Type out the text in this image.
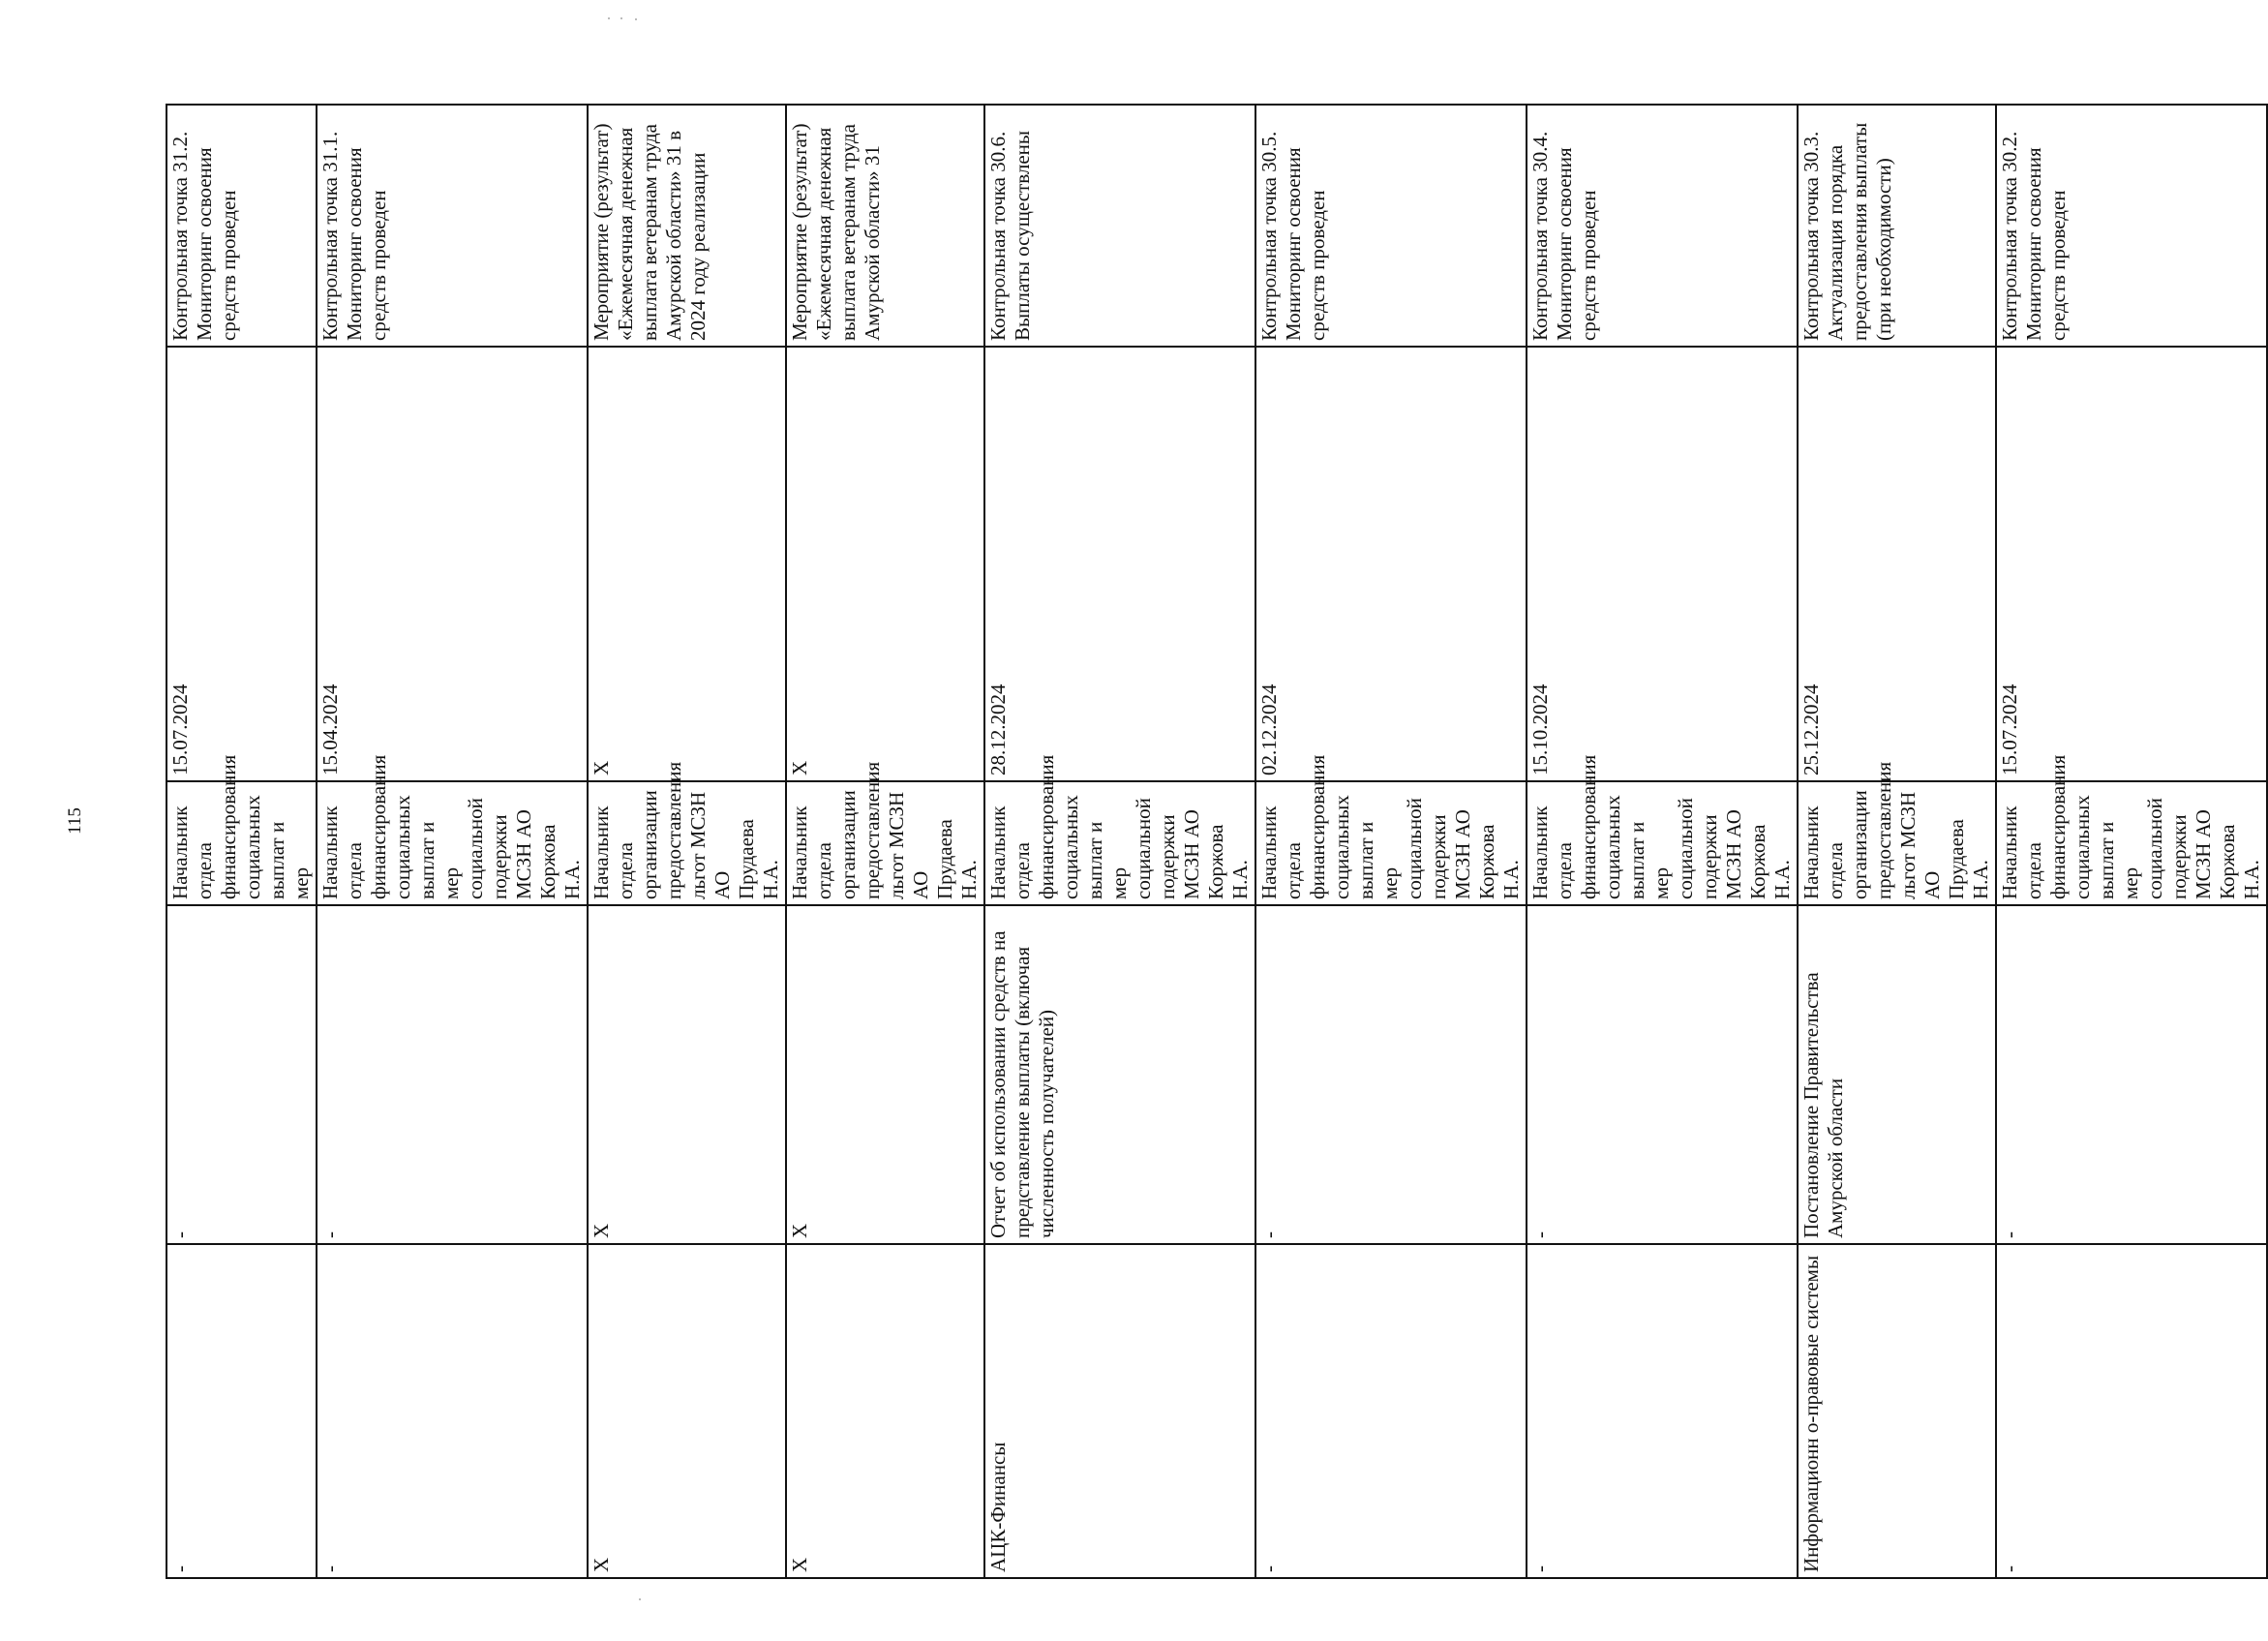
115
-	-	Начальник отдела финансирования социальных выплат и мер	15.07.2024	Контрольная точка 31.2. Мониторинг освоения средств проведен
-	-	Начальник отдела финансирования социальных выплат и мер социальной подержки МСЗН АО Коржова Н.А.	15.04.2024	Контрольная точка 31.1. Мониторинг освоения средств проведен
X	X	Начальник отдела организации предоставления льгот МСЗН АО Прудаева Н.А.	X	Мероприятие (результат) «Ежемесячная денежная выплата ветеранам труда Амурской области» 31 в 2024 году реализации
X	X	Начальник отдела организации предоставления льгот МСЗН АО Прудаева Н.А.	X	Мероприятие (результат) «Ежемесячная денежная выплата ветеранам труда Амурской области» 31
АЦК-Финансы	Отчет об использовании средств на представление выплаты (включая численность получателей)	Начальник отдела финансирования социальных выплат и мер социальной подержки МСЗН АО Коржова Н.А.	28.12.2024	Контрольная точка 30.6. Выплаты осуществлены
-	-	Начальник отдела финансирования социальных выплат и мер социальной подержки МСЗН АО Коржова Н.А.	02.12.2024	Контрольная точка 30.5. Мониторинг освоения средств проведен
-	-	Начальник отдела финансирования социальных выплат и мер социальной подержки МСЗН АО Коржова Н.А.	15.10.2024	Контрольная точка 30.4. Мониторинг освоения средств проведен
Информационн о-правовые системы	Постановление Правительства Амурской области	Начальник отдела организации предоставления льгот МСЗН АО Прудаева Н.А.	25.12.2024	Контрольная точка 30.3. Актуализация порядка предоставления выплаты (при необходимости)
-	-	Начальник отдела финансирования социальных выплат и мер социальной подержки МСЗН АО Коржова Н.А.	15.07.2024	Контрольная точка 30.2. Мониторинг освоения средств проведен
